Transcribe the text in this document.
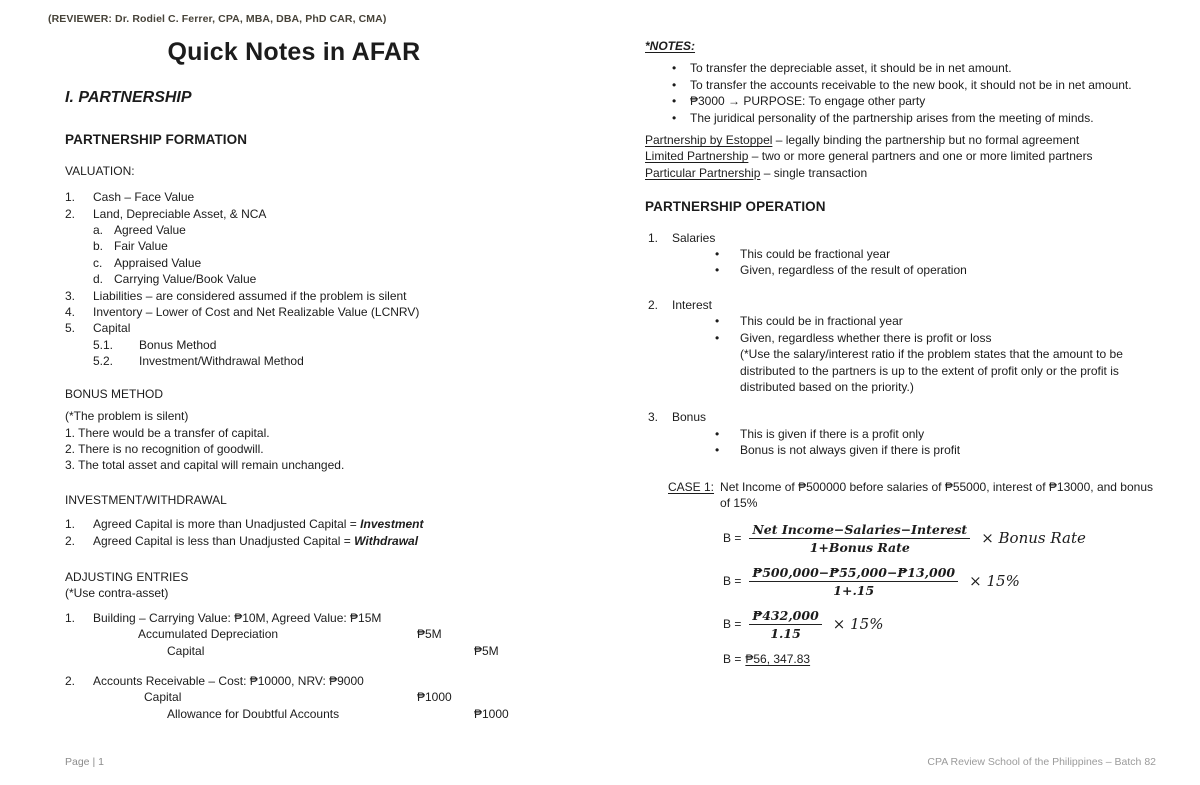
(REVIEWER: Dr. Rodiel C. Ferrer, CPA, MBA, DBA, PhD CAR, CMA)
Quick Notes in AFAR
I. PARTNERSHIP
PARTNERSHIP FORMATION
VALUATION:
1.	Cash – Face Value
2.	Land, Depreciable Asset, & NCA
a. Agreed Value
b. Fair Value
c. Appraised Value
d. Carrying Value/Book Value
3.	Liabilities – are considered assumed if the problem is silent
4.	Inventory – Lower of Cost and Net Realizable Value (LCNRV)
5.	Capital
5.1.	Bonus Method
5.2.	Investment/Withdrawal Method
BONUS METHOD
(*The problem is silent)
1. There would be a transfer of capital.
2. There is no recognition of goodwill.
3. The total asset and capital will remain unchanged.
INVESTMENT/WITHDRAWAL
1.	Agreed Capital is more than Unadjusted Capital = Investment
2.	Agreed Capital is less than Unadjusted Capital = Withdrawal
ADJUSTING ENTRIES
(*Use contra-asset)
1.	Building – Carrying Value: ₱10M, Agreed Value: ₱15M
Accumulated Depreciation	₱5M
Capital	₱5M
2.	Accounts Receivable – Cost: ₱10000, NRV: ₱9000
Capital	₱1000
Allowance for Doubtful Accounts	₱1000
*NOTES:
•	To transfer the depreciable asset, it should be in net amount.
•	To transfer the accounts receivable to the new book, it should not be in net amount.
•	₱3000 → PURPOSE: To engage other party
•	The juridical personality of the partnership arises from the meeting of minds.
Partnership by Estoppel – legally binding the partnership but no formal agreement
Limited Partnership – two or more general partners and one or more limited partners
Particular Partnership – single transaction
PARTNERSHIP OPERATION
1.	Salaries
•	This could be fractional year
•	Given, regardless of the result of operation
2.	Interest
•	This could be in fractional year
•	Given, regardless whether there is profit or loss
(*Use the salary/interest ratio if the problem states that the amount to be distributed to the partners is up to the extent of profit only or the profit is distributed based on the priority.)
3.	Bonus
•	This is given if there is a profit only
•	Bonus is not always given if there is profit
CASE 1: Net Income of ₱500000 before salaries of ₱55000, interest of ₱13000, and bonus of 15%
$B = \frac{\text{Net Income−Salaries−Interest}}{\text{1+Bonus Rate}}$ × Bonus Rate
$B = \frac{₱500,000-₱55,000-₱13,000}{1+.15} \times 15\%$
$B = \frac{₱432,000}{1.15} \times 15\%$
B = ₱56, 347.83
Page | 1	CPA Review School of the Philippines – Batch 82
